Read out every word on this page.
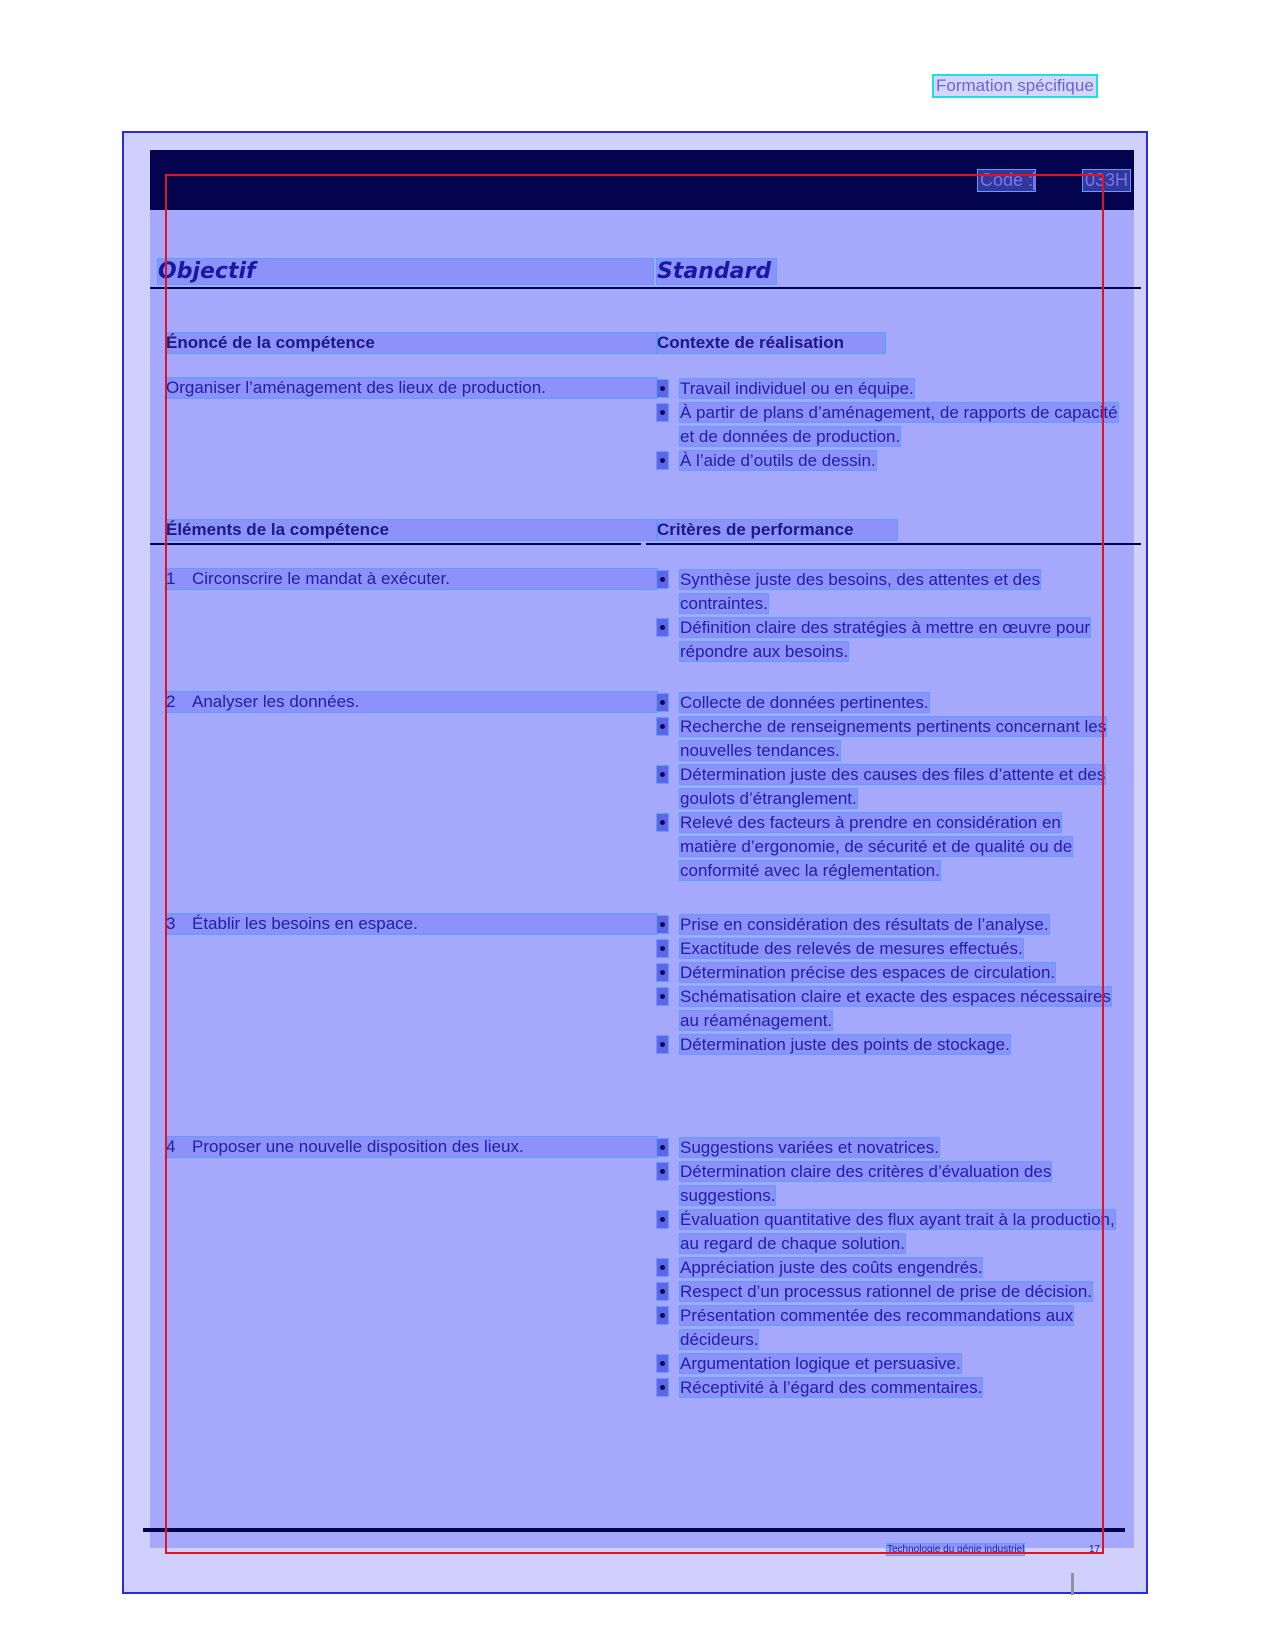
Formation spécifique
Code :	033H
Objectif	Standard
Énoncé de la compétence	Contexte de réalisation
Organiser l’aménagement des lieux de production.	Travail individuel ou en équipe.
À partir de plans d’aménagement, de rapports de capacité et de données de production.
À l’aide d’outils de dessin.
Éléments de la compétence	Critères de performance
1 Circonscrire le mandat à exécuter.	Synthèse juste des besoins, des attentes et des contraintes.
Définition claire des stratégies à mettre en œuvre pour répondre aux besoins.
2 Analyser les données.	Collecte de données pertinentes.
Recherche de renseignements pertinents concernant les nouvelles tendances.
Détermination juste des causes des files d’attente et des goulots d’étranglement.
Relevé des facteurs à prendre en considération en matière d’ergonomie, de sécurité et de qualité ou de conformité avec la réglementation.
3 Établir les besoins en espace.	Prise en considération des résultats de l’analyse.
Exactitude des relevés de mesures effectués.
Détermination précise des espaces de circulation.
Schématisation claire et exacte des espaces nécessaires au réaménagement.
Détermination juste des points de stockage.
4 Proposer une nouvelle disposition des lieux.	Suggestions variées et novatrices.
Détermination claire des critères d’évaluation des suggestions.
Évaluation quantitative des flux ayant trait à la production, au regard de chaque solution.
Appréciation juste des coûts engendrés.
Respect d’un processus rationnel de prise de décision.
Présentation commentée des recommandations aux décideurs.
Argumentation logique et persuasive.
Réceptivité à l’égard des commentaires.
Technologie du génie industriel	17
